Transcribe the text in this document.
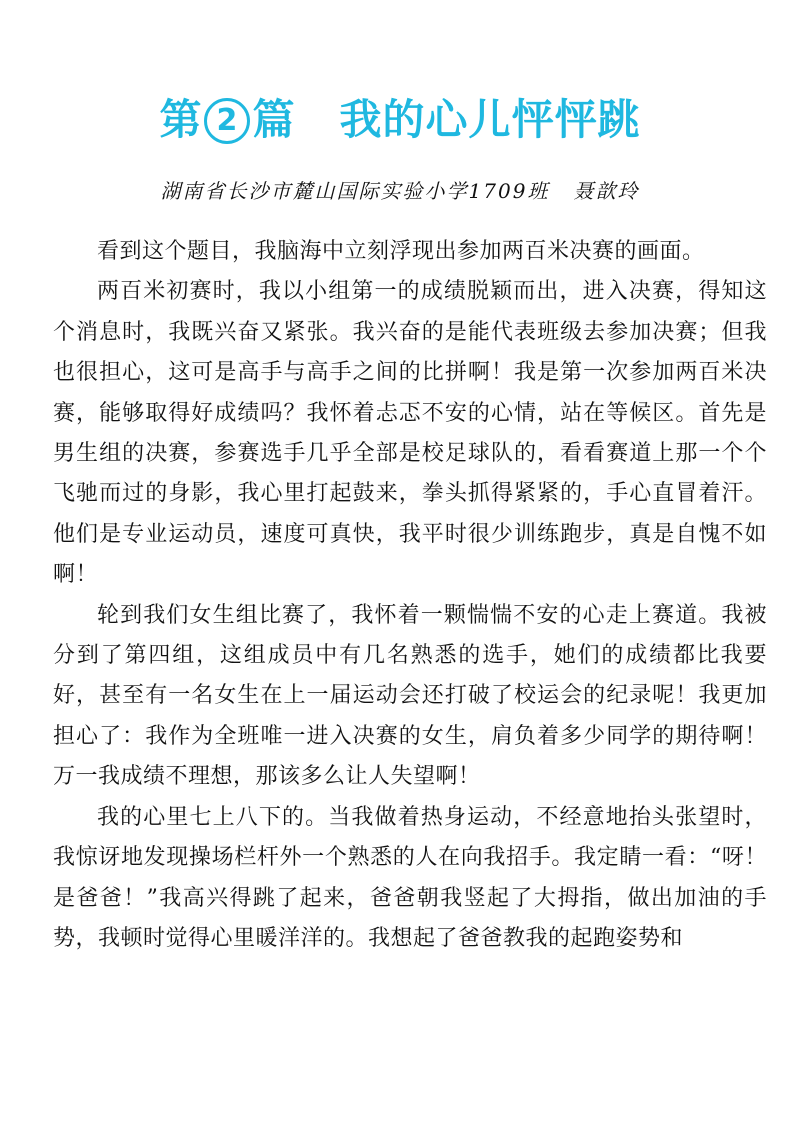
第 2 篇 我的心儿怦怦跳
湖南省长沙市麓山国际实验小学1709班 聂歆玲

看到这个题目，我脑海中立刻浮现出参加两百米决赛的画面。

两百米初赛时，我以小组第一的成绩脱颖而出，进入决赛，得知这个消息时，我既兴奋又紧张。我兴奋的是能代表班级去参加决赛；但我也很担心，这可是高手与高手之间的比拼啊！我是第一次参加两百米决赛，能够取得好成绩吗？我怀着忐忑不安的心情，站在等候区。首先是男生组的决赛，参赛选手几乎全部是校足球队的，看看赛道上那一个个飞驰而过的身影，我心里打起鼓来，拳头抓得紧紧的，手心直冒着汗。他们是专业运动员，速度可真快，我平时很少训练跑步，真是自愧不如啊！

轮到我们女生组比赛了，我怀着一颗惴惴不安的心走上赛道。我被分到了第四组，这组成员中有几名熟悉的选手，她们的成绩都比我要好，甚至有一名女生在上一届运动会还打破了校运会的纪录呢！我更加担心了：我作为全班唯一进入决赛的女生，肩负着多少同学的期待啊！万一我成绩不理想，那该多么让人失望啊！

我的心里七上八下的。当我做着热身运动，不经意地抬头张望时，我惊讶地发现操场栏杆外一个熟悉的人在向我招手。我定睛一看：“呀！是爸爸！”我高兴得跳了起来，爸爸朝我竖起了大拇指，做出加油的手势，我顿时觉得心里暖洋洋的。我想起了爸爸教我的起跑姿势和
